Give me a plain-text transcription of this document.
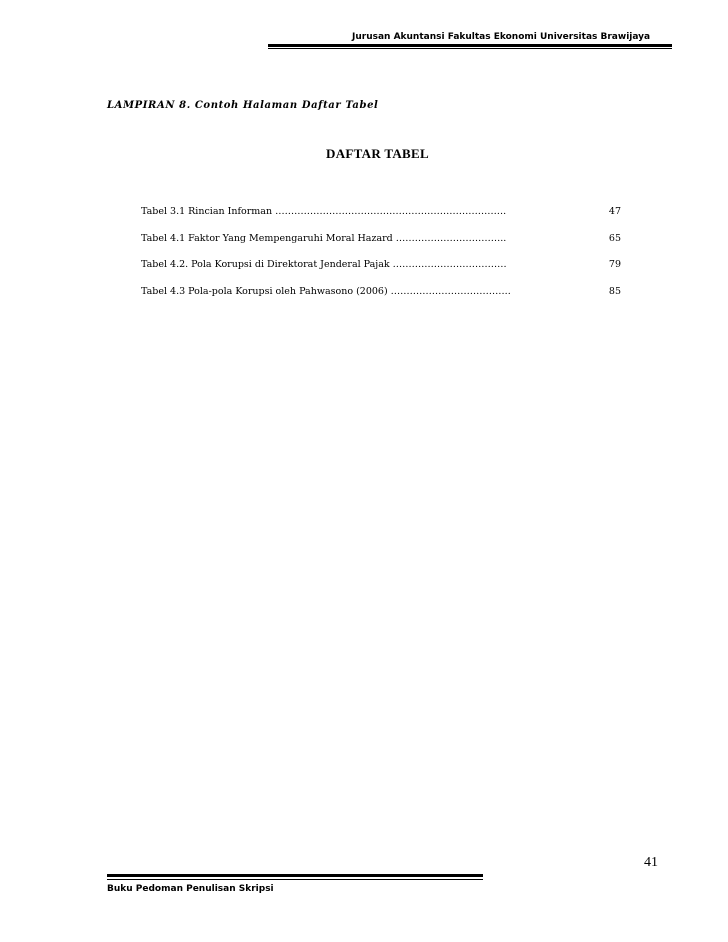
Jurusan Akuntansi Fakultas Ekonomi Universitas Brawijaya
LAMPIRAN 8. Contoh Halaman Daftar Tabel
DAFTAR TABEL
Tabel 3.1 Rincian Informan ……………………………………………………………….	47
Tabel 4.1 Faktor Yang Mempengaruhi Moral Hazard ……………………………..	65
Tabel 4.2. Pola Korupsi di Direktorat Jenderal Pajak ………………………………	79
Tabel 4.3 Pola-pola Korupsi oleh Pahwasono (2006) ………………………………..	85
41
Buku Pedoman Penulisan Skripsi
